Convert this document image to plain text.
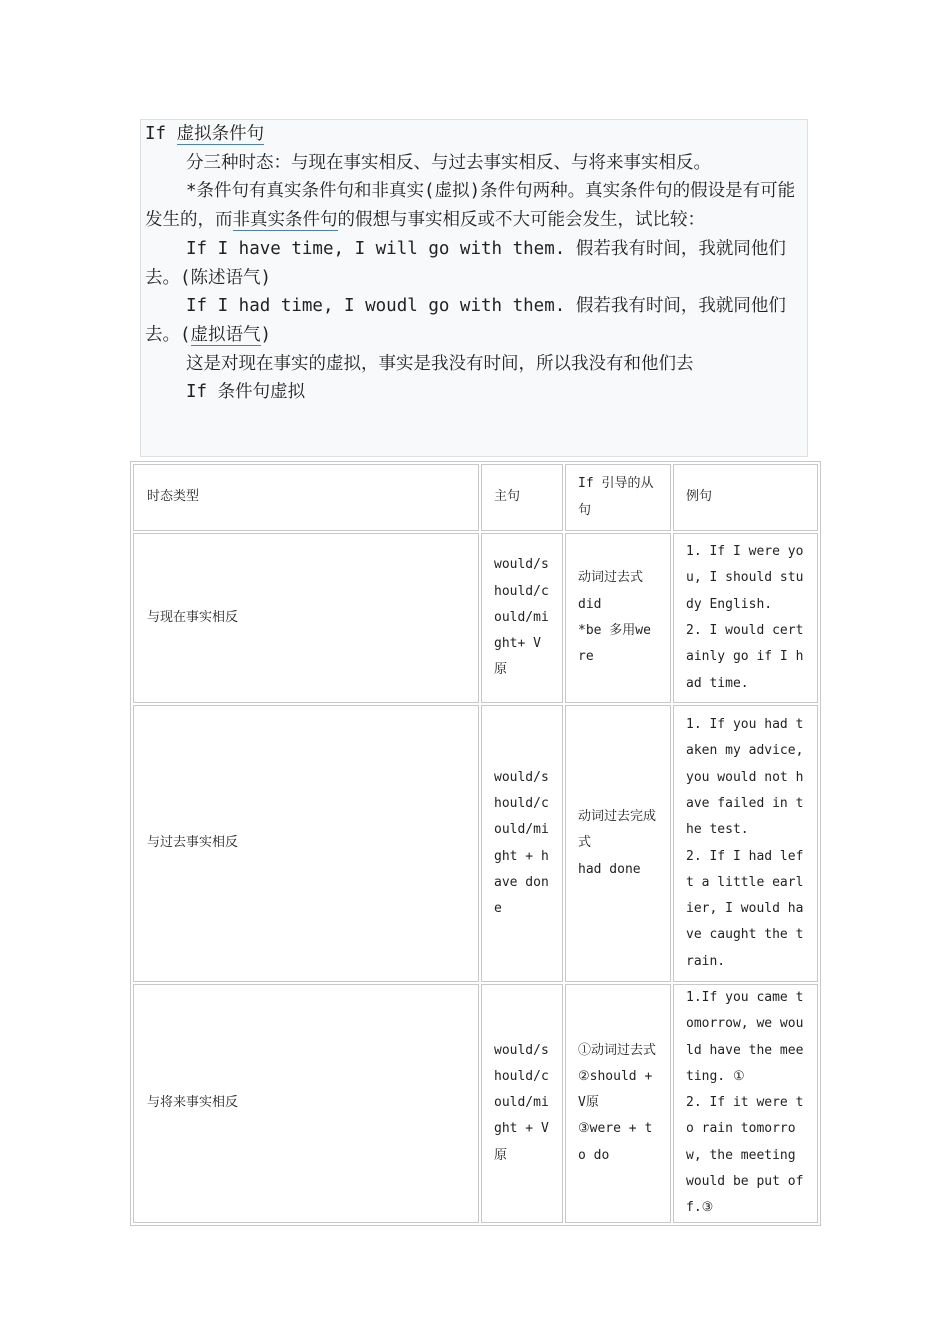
If 虚拟条件句

分三种时态：与现在事实相反、与过去事实相反、与将来事实相反。

*条件句有真实条件句和非真实(虚拟)条件句两种。真实条件句的假设是有可能发生的，而非真实条件句的假想与事实相反或不大可能会发生，试比较：

If I have time, I will go with them. 假若我有时间，我就同他们去。(陈述语气)

If I had time, I woudl go with them. 假若我有时间，我就同他们去。(虚拟语气)

这是对现在事实的虚拟，事实是我没有时间，所以我没有和他们去

If 条件句虚拟

时态类型	主句	If 引导的从句	例句
与现在事实相反	would/should/could/might+ V原	动词过去式
did
*be 多用were	1. If I were you, I should study English.
2. I would certainly go if I had time.
与过去事实相反	would/should/could/might + have done	动词过去完成式
had done	1. If you had taken my advice, you would not have failed in the test.
2. If I had left a little earlier, I would have caught the train.
与将来事实相反	would/should/could/might + V原	①动词过去式
②should +V原
③were + to do	1.If you came tomorrow, we would have the meeting. ①
2. If it were to rain tomorrow, the meeting would be put off.③
